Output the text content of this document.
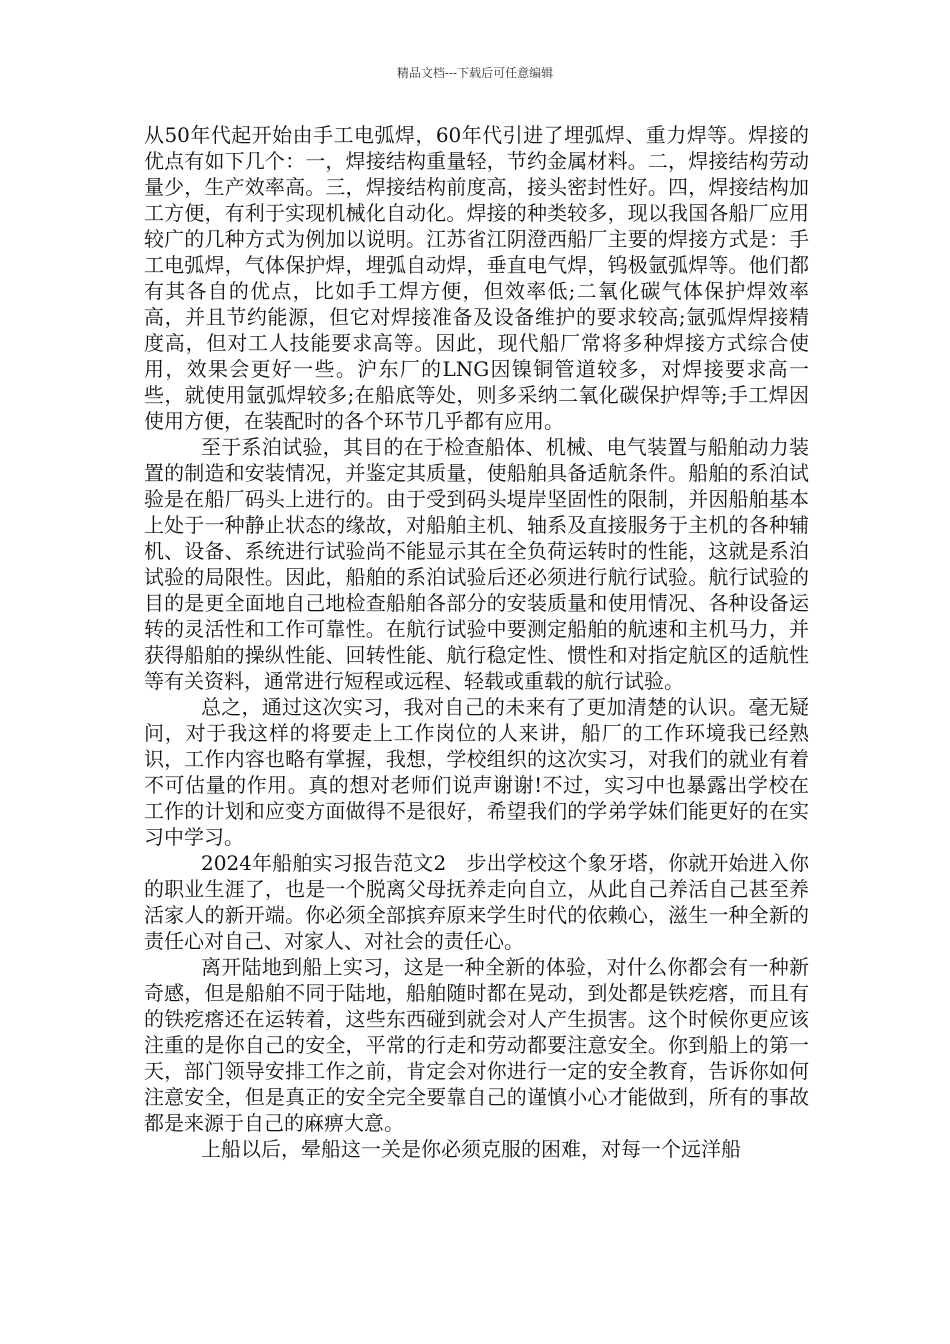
精品文档---下载后可任意编辑

从50年代起开始由手工电弧焊，60年代引进了埋弧焊、重力焊等。焊接的优点有如下几个：一，焊接结构重量轻，节约金属材料。二，焊接结构劳动量少，生产效率高。三，焊接结构前度高，接头密封性好。四，焊接结构加工方便，有利于实现机械化自动化。焊接的种类较多，现以我国各船厂应用较广的几种方式为例加以说明。江苏省江阴澄西船厂主要的焊接方式是：手工电弧焊，气体保护焊，埋弧自动焊，垂直电气焊，钨极氩弧焊等。他们都有其各自的优点，比如手工焊方便，但效率低;二氧化碳气体保护焊效率高，并且节约能源，但它对焊接准备及设备维护的要求较高;氩弧焊焊接精度高，但对工人技能要求高等。因此，现代船厂常将多种焊接方式综合使用，效果会更好一些。沪东厂的LNG因镍铜管道较多，对焊接要求高一些，就使用氩弧焊较多;在船底等处，则多采纳二氧化碳保护焊等;手工焊因使用方便，在装配时的各个环节几乎都有应用。

至于系泊试验，其目的在于检查船体、机械、电气装置与船舶动力装置的制造和安装情况，并鉴定其质量，使船舶具备适航条件。船舶的系泊试验是在船厂码头上进行的。由于受到码头堤岸坚固性的限制，并因船舶基本上处于一种静止状态的缘故，对船舶主机、轴系及直接服务于主机的各种辅机、设备、系统进行试验尚不能显示其在全负荷运转时的性能，这就是系泊试验的局限性。因此，船舶的系泊试验后还必须进行航行试验。航行试验的目的是更全面地自己地检查船舶各部分的安装质量和使用情况、各种设备运转的灵活性和工作可靠性。在航行试验中要测定船舶的航速和主机马力，并获得船舶的操纵性能、回转性能、航行稳定性、惯性和对指定航区的适航性等有关资料，通常进行短程或远程、轻载或重载的航行试验。

总之，通过这次实习，我对自己的未来有了更加清楚的认识。毫无疑问，对于我这样的将要走上工作岗位的人来讲，船厂的工作环境我已经熟识，工作内容也略有掌握，我想，学校组织的这次实习，对我们的就业有着不可估量的作用。真的想对老师们说声谢谢!不过，实习中也暴露出学校在工作的计划和应变方面做得不是很好，希望我们的学弟学妹们能更好的在实习中学习。

2024年船舶实习报告范文2　步出学校这个象牙塔，你就开始进入你的职业生涯了，也是一个脱离父母抚养走向自立，从此自己养活自己甚至养活家人的新开端。你必须全部摈弃原来学生时代的依赖心，滋生一种全新的责任心对自己、对家人、对社会的责任心。

离开陆地到船上实习，这是一种全新的体验，对什么你都会有一种新奇感，但是船舶不同于陆地，船舶随时都在晃动，到处都是铁疙瘩，而且有的铁疙瘩还在运转着，这些东西碰到就会对人产生损害。这个时候你更应该注重的是你自己的安全，平常的行走和劳动都要注意安全。你到船上的第一天，部门领导安排工作之前，肯定会对你进行一定的安全教育，告诉你如何注意安全，但是真正的安全完全要靠自己的谨慎小心才能做到，所有的事故都是来源于自己的麻痹大意。

上船以后，晕船这一关是你必须克服的困难，对每一个远洋船
